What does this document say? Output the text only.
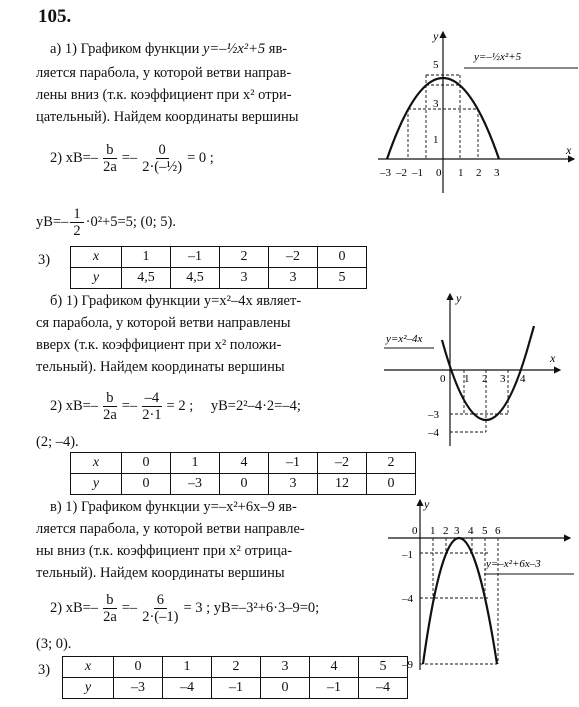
105.
а) 1) Графиком функции y=–½x²+5 яв-
ляется парабола, у которой ветви направ-
лены вниз (т.к. коэффициент при x² отри-
цательный). Найдем координаты вершины
2) $xВ=- \frac{b}{2a} =- \frac{0}{\text{2·(–½)}} = 0$ ;
$yВ=- \frac{1}{2} \cdot 0^2+5=5$; (0; 5).
3)	x	1	–1	2	–2	0
y	4,5	4,5	3	3	5
y
x
–3 –2 –1 0 1 2 3
5
3
1
y=–½x²+5
б) 1) Графиком функции y=x²–4x являет-
ся парабола, у которой ветви направлены
вверх (т.к. коэффициент при x² положи-
тельный). Найдем координаты вершины
2) $xВ=- \frac{b}{2a} =- \frac{-4}{2\cdot 1} = 2$ ; yВ=2²–4·2=–4;
(2; –4).
x	0	1	4	–1	–2	2
y	0	–3	0	3	12	0
y
x
0 1 2 3 4
–3
–4
y=x²–4x
в) 1) Графиком функции y=–x²+6x–9 яв-
ляется парабола, у которой ветви направле-
ны вниз (т.к. коэффициент при x² отрица-
тельный). Найдем координаты вершины
2) $xВ=- \frac{b}{2a} =- \frac{6}{2\cdot(-1)} = 3$ ; yВ=–3²+6·3–9=0;
(3; 0).
3) x	0	1	2	3	4	5
y	–3	–4	–1	0	–1	–4
y
0 1 2 3 4 5 6
–1
–4
–9
y=–x²+6x–3
